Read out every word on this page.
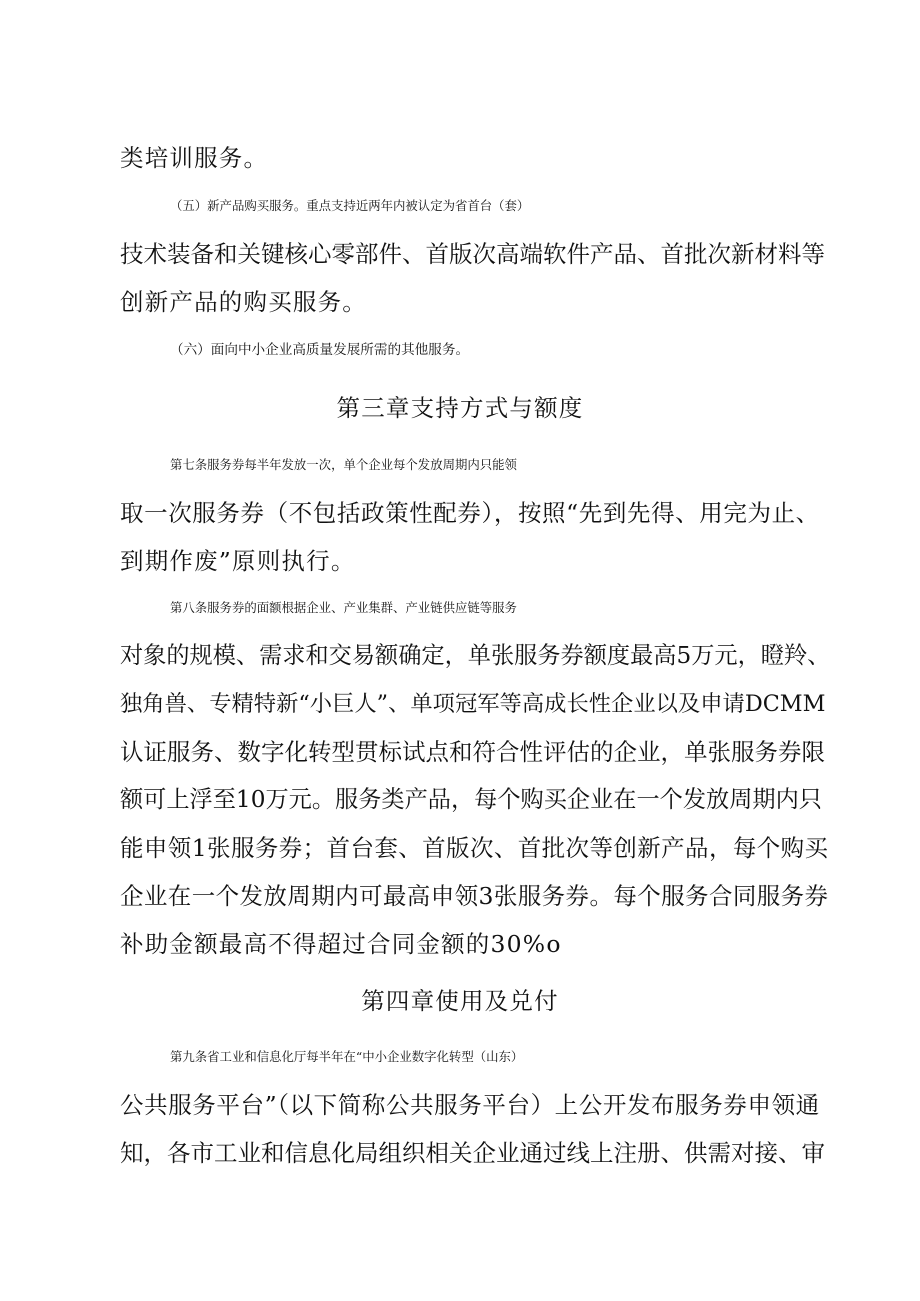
类培训服务。
（五）新产品购买服务。重点支持近两年内被认定为省首台（套）
技术装备和关键核心零部件、首版次高端软件产品、首批次新材料等
创新产品的购买服务。
（六）面向中小企业高质量发展所需的其他服务。
第三章支持方式与额度
第七条服务券每半年发放一次，单个企业每个发放周期内只能领
取一次服务券（不包括政策性配券），按照“先到先得、用完为止、
到期作废”原则执行。
第八条服务券的面额根据企业、产业集群、产业链供应链等服务
对象的规模、需求和交易额确定，单张服务券额度最高5万元，瞪羚、
独角兽、专精特新“小巨人”、单项冠军等高成长性企业以及申请DCMM
认证服务、数字化转型贯标试点和符合性评估的企业，单张服务券限
额可上浮至10万元。服务类产品，每个购买企业在一个发放周期内只
能申领1张服务券；首台套、首版次、首批次等创新产品，每个购买
企业在一个发放周期内可最高申领3张服务券。每个服务合同服务券
补助金额最高不得超过合同金额的30%o
第四章使用及兑付
第九条省工业和信息化厅每半年在“中小企业数字化转型（山东）
公共服务平台”（以下简称公共服务平台）上公开发布服务券申领通
知，各市工业和信息化局组织相关企业通过线上注册、供需对接、审
